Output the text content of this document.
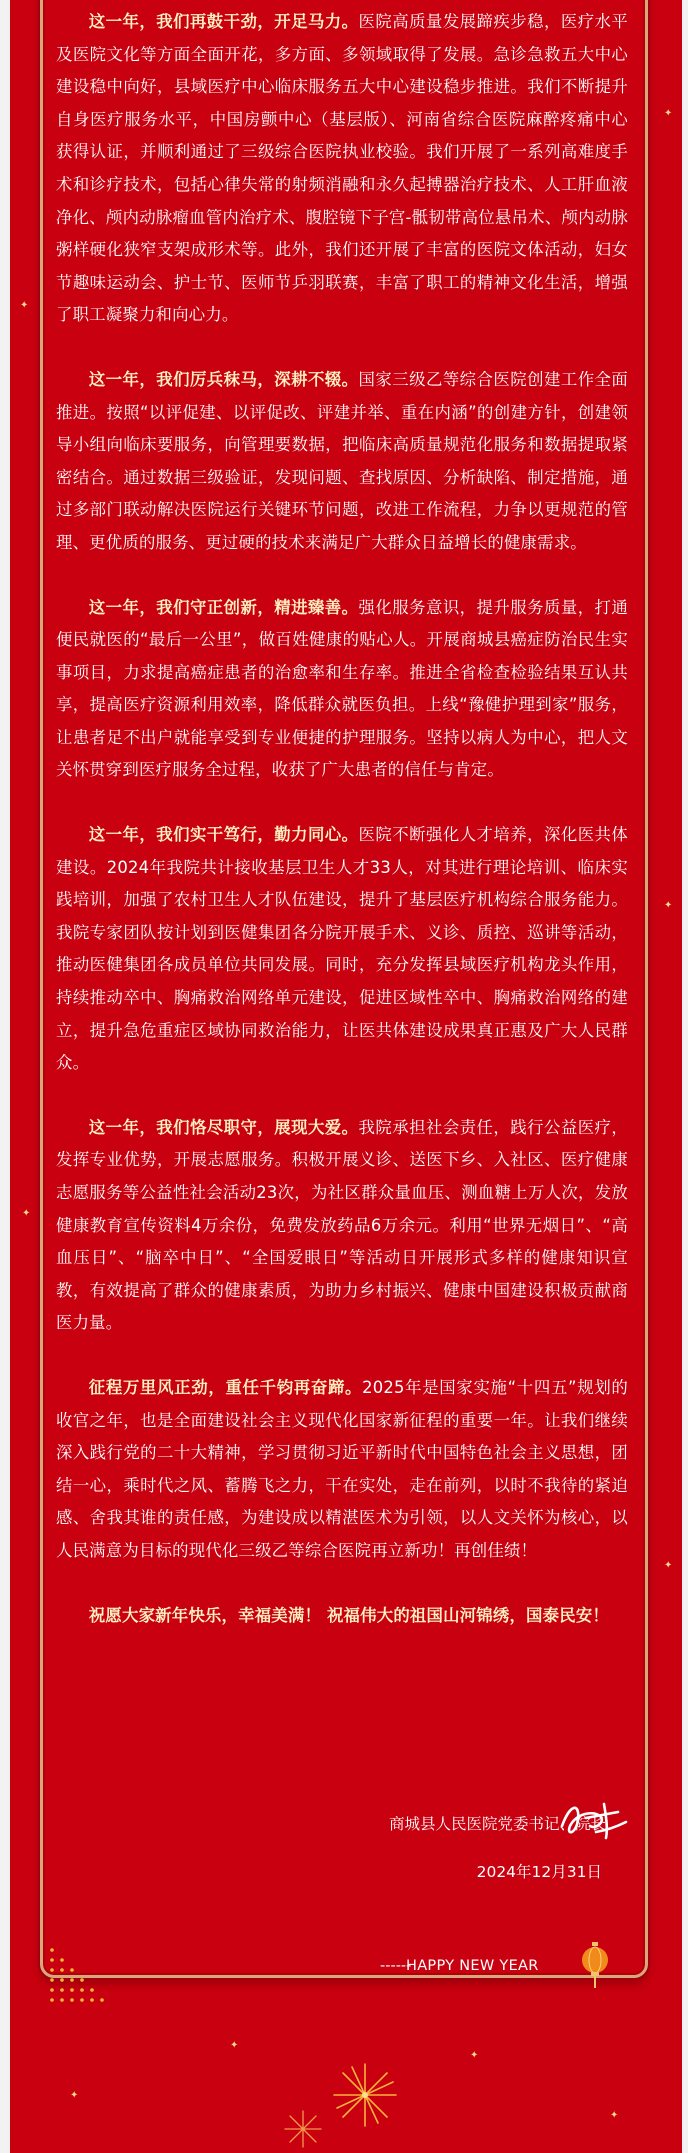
这一年，我们再鼓干劲，开足马力。医院高质量发展蹄疾步稳，医疗水平及医院文化等方面全面开花，多方面、多领域取得了发展。急诊急救五大中心建设稳中向好，县域医疗中心临床服务五大中心建设稳步推进。我们不断提升自身医疗服务水平，中国房颤中心（基层版）、河南省综合医院麻醉疼痛中心获得认证，并顺利通过了三级综合医院执业校验。我们开展了一系列高难度手术和诊疗技术，包括心律失常的射频消融和永久起搏器治疗技术、人工肝血液净化、颅内动脉瘤血管内治疗术、腹腔镜下子宫-骶韧带高位悬吊术、颅内动脉粥样硬化狭窄支架成形术等。此外，我们还开展了丰富的医院文体活动，妇女节趣味运动会、护士节、医师节乒羽联赛，丰富了职工的精神文化生活，增强了职工凝聚力和向心力。

这一年，我们厉兵秣马，深耕不辍。国家三级乙等综合医院创建工作全面推进。按照“以评促建、以评促改、评建并举、重在内涵”的创建方针，创建领导小组向临床要服务，向管理要数据，把临床高质量规范化服务和数据提取紧密结合。通过数据三级验证，发现问题、查找原因、分析缺陷、制定措施，通过多部门联动解决医院运行关键环节问题，改进工作流程，力争以更规范的管理、更优质的服务、更过硬的技术来满足广大群众日益增长的健康需求。

这一年，我们守正创新，精进臻善。强化服务意识，提升服务质量，打通便民就医的“最后一公里”，做百姓健康的贴心人。开展商城县癌症防治民生实事项目，力求提高癌症患者的治愈率和生存率。推进全省检查检验结果互认共享，提高医疗资源利用效率，降低群众就医负担。上线“豫健护理到家”服务，让患者足不出户就能享受到专业便捷的护理服务。坚持以病人为中心，把人文关怀贯穿到医疗服务全过程，收获了广大患者的信任与肯定。

这一年，我们实干笃行，勤力同心。医院不断强化人才培养，深化医共体建设。2024年我院共计接收基层卫生人才33人，对其进行理论培训、临床实践培训，加强了农村卫生人才队伍建设，提升了基层医疗机构综合服务能力。我院专家团队按计划到医健集团各分院开展手术、义诊、质控、巡讲等活动，推动医健集团各成员单位共同发展。同时，充分发挥县域医疗机构龙头作用，持续推动卒中、胸痛救治网络单元建设，促进区域性卒中、胸痛救治网络的建立，提升急危重症区域协同救治能力，让医共体建设成果真正惠及广大人民群众。

这一年，我们恪尽职守，展现大爱。我院承担社会责任，践行公益医疗，发挥专业优势，开展志愿服务。积极开展义诊、送医下乡、入社区、医疗健康志愿服务等公益性社会活动23次，为社区群众量血压、测血糖上万人次，发放健康教育宣传资料4万余份，免费发放药品6万余元。利用“世界无烟日”、“高血压日”、“脑卒中日”、“全国爱眼日”等活动日开展形式多样的健康知识宣教，有效提高了群众的健康素质，为助力乡村振兴、健康中国建设积极贡献商医力量。

征程万里风正劲，重任千钧再奋蹄。2025年是国家实施“十四五”规划的收官之年，也是全面建设社会主义现代化国家新征程的重要一年。让我们继续深入践行党的二十大精神，学习贯彻习近平新时代中国特色社会主义思想，团结一心，乘时代之风、蓄腾飞之力，干在实处，走在前列，以时不我待的紧迫感、舍我其谁的责任感，为建设成以精湛医术为引领，以人文关怀为核心，以人民满意为目标的现代化三级乙等综合医院再立新功！再创佳绩！

祝愿大家新年快乐，幸福美满！ 祝福伟大的祖国山河锦绣，国泰民安！

商城县人民医院党委书记、院长
2024年12月31日
------
HAPPY NEW YEAR
✦
✦
✦
✦
✦
✦
✦
✦
✦
